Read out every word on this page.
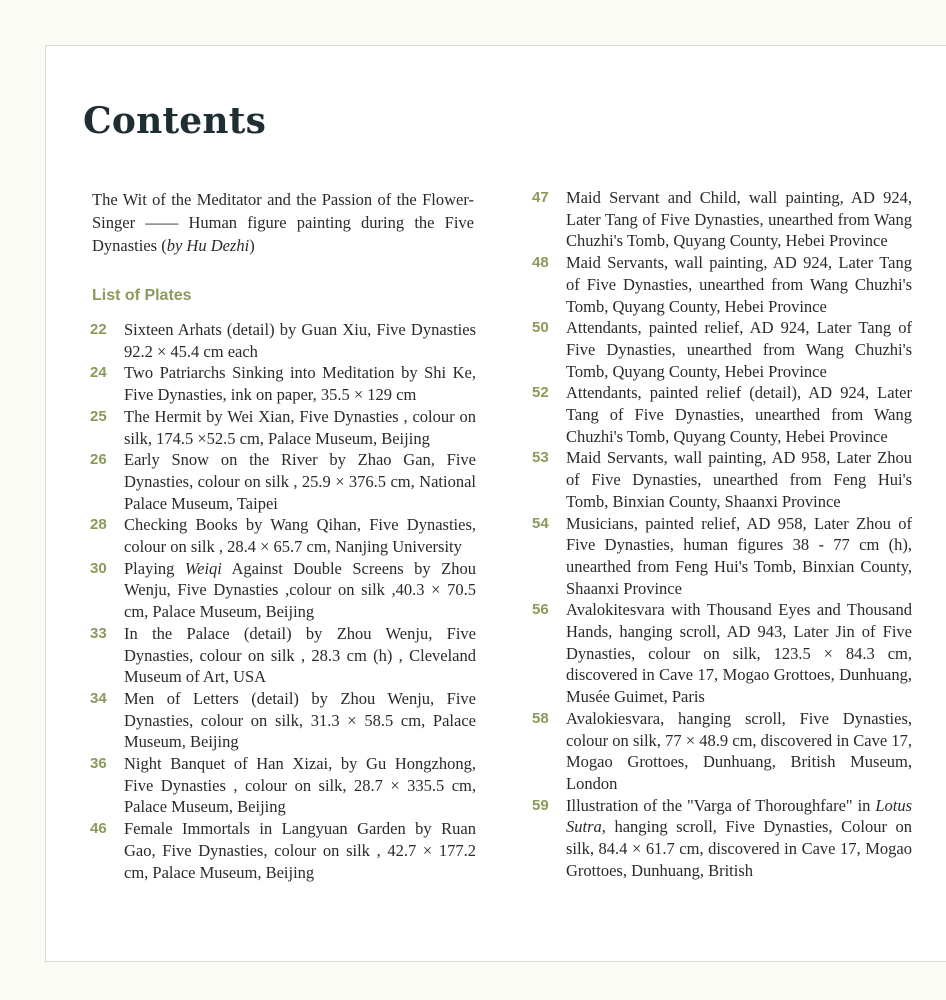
Contents
The Wit of the Meditator and the Passion of the Flower-Singer —— Human figure painting during the Five Dynasties (by Hu Dezhi)
List of Plates
22	Sixteen Arhats (detail) by Guan Xiu, Five Dynasties 92.2 × 45.4 cm each
24	Two Patriarchs Sinking into Meditation by Shi Ke, Five Dynasties, ink on paper, 35.5 × 129 cm
25	The Hermit by Wei Xian, Five Dynasties , colour on silk, 174.5 ×52.5 cm, Palace Museum, Beijing
26	Early Snow on the River by Zhao Gan, Five Dynasties, colour on silk , 25.9 × 376.5 cm, National Palace Museum, Taipei
28	Checking Books by Wang Qihan, Five Dynasties, colour on silk , 28.4 × 65.7 cm, Nanjing University
30	Playing Weiqi Against Double Screens by Zhou Wenju, Five Dynasties ,colour on silk ,40.3 × 70.5 cm, Palace Museum, Beijing
33	In the Palace (detail) by Zhou Wenju, Five Dynasties, colour on silk , 28.3 cm (h) , Cleveland Museum of Art, USA
34	Men of Letters (detail) by Zhou Wenju, Five Dynasties, colour on silk, 31.3 × 58.5 cm, Palace Museum, Beijing
36	Night Banquet of Han Xizai, by Gu Hongzhong, Five Dynasties , colour on silk, 28.7 × 335.5 cm, Palace Museum, Beijing
46	Female Immortals in Langyuan Garden by Ruan Gao, Five Dynasties, colour on silk , 42.7 × 177.2 cm, Palace Museum, Beijing
47	Maid Servant and Child, wall painting, AD 924, Later Tang of Five Dynasties, unearthed from Wang Chuzhi's Tomb, Quyang County, Hebei Province
48	Maid Servants, wall painting, AD 924, Later Tang of Five Dynasties, unearthed from Wang Chuzhi's Tomb, Quyang County, Hebei Province
50	Attendants, painted relief, AD 924, Later Tang of Five Dynasties, unearthed from Wang Chuzhi's Tomb, Quyang County, Hebei Province
52	Attendants, painted relief (detail), AD 924, Later Tang of Five Dynasties, unearthed from Wang Chuzhi's Tomb, Quyang County, Hebei Province
53	Maid Servants, wall painting, AD 958, Later Zhou of Five Dynasties, unearthed from Feng Hui's Tomb, Binxian County, Shaanxi Province
54	Musicians, painted relief, AD 958, Later Zhou of Five Dynasties, human figures 38 - 77 cm (h), unearthed from Feng Hui's Tomb, Binxian County, Shaanxi Province
56	Avalokitesvara with Thousand Eyes and Thousand Hands, hanging scroll, AD 943, Later Jin of Five Dynasties, colour on silk, 123.5 × 84.3 cm, discovered in Cave 17, Mogao Grottoes, Dunhuang, Musée Guimet, Paris
58	Avalokiesvara, hanging scroll, Five Dynasties, colour on silk, 77 × 48.9 cm, discovered in Cave 17, Mogao Grottoes, Dunhuang, British Museum, London
59	Illustration of the "Varga of Thoroughfare" in Lotus Sutra, hanging scroll, Five Dynasties, Colour on silk, 84.4 × 61.7 cm, discovered in Cave 17, Mogao Grottoes, Dunhuang, British
